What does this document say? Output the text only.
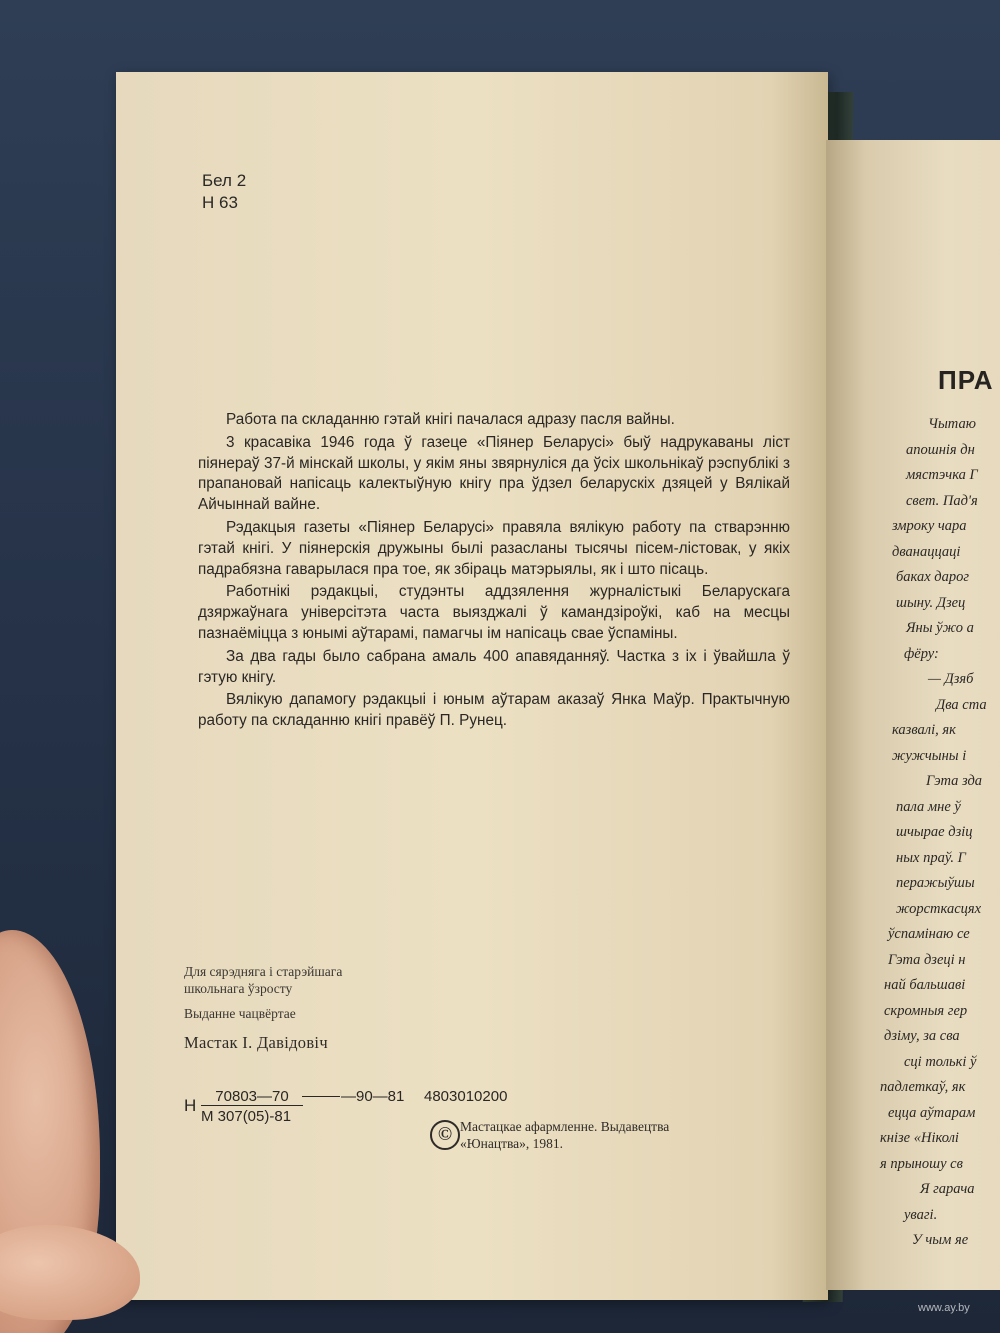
Бел 2
Н 63

Работа па складанню гэтай кнігі пачалася адразу пасля вайны.

3 красавіка 1946 года ў газеце «Піянер Беларусі» быў надрукаваны ліст піянераў 37-й мінскай школы, у якім яны звярнуліся да ўсіх школьнікаў рэспублікі з прапановай напісаць калектыўную кнігу пра ўдзел беларускіх дзяцей у Вялікай Айчыннай вайне.

Рэдакцыя газеты «Піянер Беларусі» правяла вялікую работу па стварэнню гэтай кнігі. У піянерскія дружыны былі разасланы тысячы пісем-лістовак, у якіх падрабязна гаварылася пра тое, як збіраць матэрыялы, як і што пісаць.

Работнікі рэдакцыі, студэнты аддзялення журналістыкі Беларускага дзяржаўнага універсітэта часта выязджалі ў камандзіроўкі, каб на месцы пазнаёміцца з юнымі аўтарамі, памагчы ім напісаць свае ўспаміны.

За два гады было сабрана амаль 400 апавяданняў. Частка з іх і ўвайшла ў гэтую кнігу.

Вялікую дапамогу рэдакцыі і юным аўтарам аказаў Янка Маўр. Практычную работу па складанню кнігі правёў П. Рунец.

Для сярэдняга і старэйшага
школьнага ўзросту
Выданне чацвёртае
Мастак І. Давідовіч
Н	70803—70
М 307(05)-81
—90—81 4803010200
© Мастацкае афармленне. Выдавецтва
«Юнацтва», 1981.
ПРА
Чытаю
апошнія дн
мястэчка Г
свет. Пад'я
змроку чара
дванаццаці
баках дарог
шыну. Дзец
Яны ўжо а
фёру:
— Дзяб
Два ста
казвалі, як
жужчыны і
Гэта зда
пала мне ў
шчырае дзіц
ных праў. Г
перажыўшы
жорсткасцях
ўспамінаю се
Гэта дзеці н
най бальшаві
скромныя гер
дзіму, за сва
сці толькі ў
падлеткаў, як
ецца аўтарам
кнізе «Ніколі
я прыношу св
Я гарача
увагі.
У чым яе
www.ay.by
